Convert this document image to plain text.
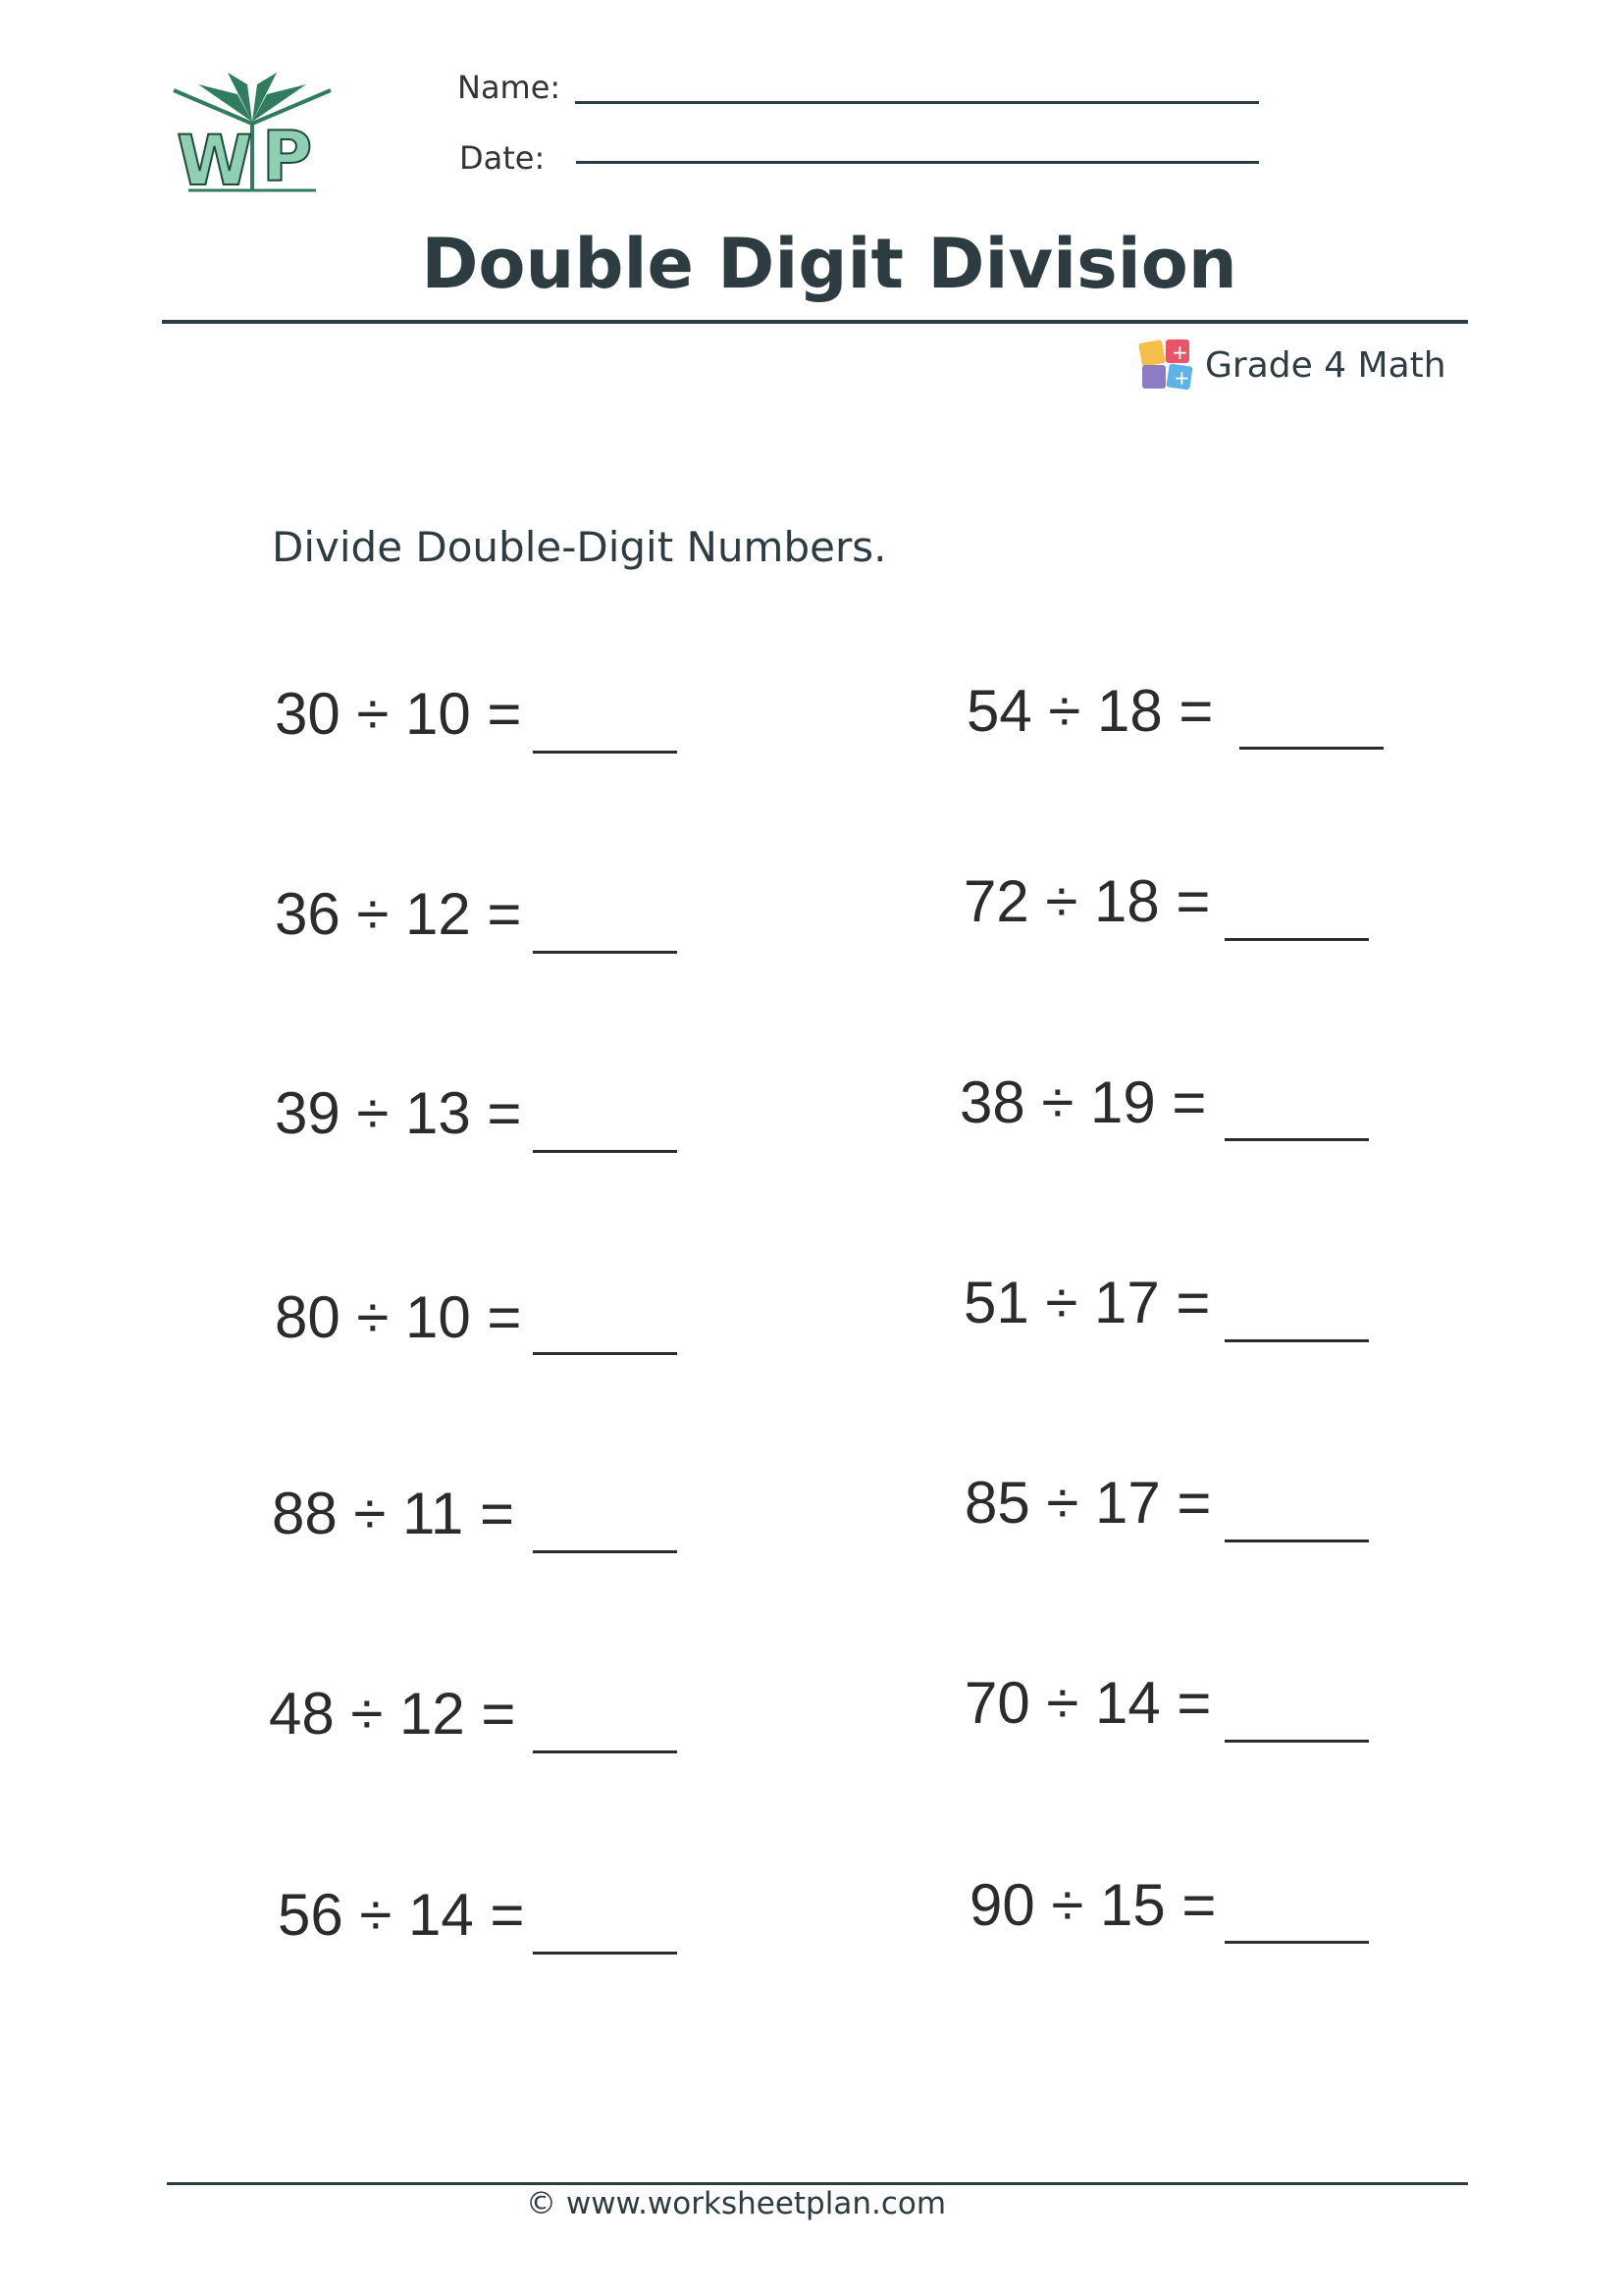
W P
Name:
Date:
Double Digit Division
+
+ Grade 4 Math
Divide Double-Digit Numbers.
30 ÷ 10 =
36 ÷ 12 =
39 ÷ 13 =
80 ÷ 10 =
88 ÷ 11 =
48 ÷ 12 =
56 ÷ 14 =
54 ÷ 18 =
72 ÷ 18 =
38 ÷ 19 =
51 ÷ 17 =
85 ÷ 17 =
70 ÷ 14 =
90 ÷ 15 =
© www.worksheetplan.com
